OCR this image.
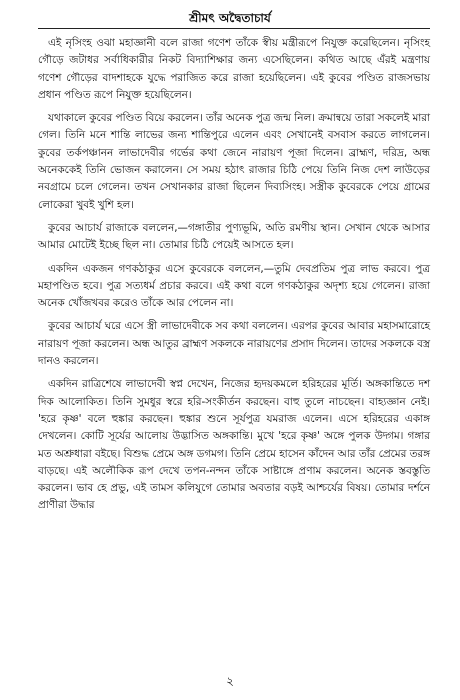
শ্রীমৎ অদ্বৈতাচার্য

এই নৃসিংহ ওঝা মহাজ্ঞানী বলে রাজা গণেশ তাঁকে স্বীয় মন্ত্রীরূপে নিযুক্ত করেছিলেন। নৃসিংহ গৌড়ে জটাধর সর্বাধিকারীর নিকট বিদ্যাশিক্ষার জন্য এসেছিলেন। কথিত আছে এঁরই মন্ত্রণায় গণেশ গৌড়ের বাদশাহকে যুদ্ধে পরাজিত করে রাজা হয়েছিলেন। এই কুবের পণ্ডিত রাজসভায় প্রধান পণ্ডিত রূপে নিযুক্ত হয়েছিলেন।

যথাকালে কুবের পণ্ডিত বিয়ে করলেন। তাঁর অনেক পুত্র জন্ম নিল। ক্রমান্বয়ে তারা সকলেই মারা গেল। তিনি মনে শান্তি লাভের জন্য শান্তিপুরে এলেন এবং সেখানেই বসবাস করতে লাগলেন। কুবের তর্কপঞ্চানন লাভাদেবীর গর্ভের কথা জেনে নারায়ণ পূজা দিলেন। ব্রাহ্মণ, দরিদ্র, অন্ধ অনেককেই তিনি ভোজন করালেন। সে সময় হঠাৎ রাজার চিঠি পেয়ে তিনি নিজ দেশ লাউড়ের নবগ্রামে চলে গেলেন। তখন সেখানকার রাজা ছিলেন দিব্যসিংহ। সস্ত্রীক কুবেরকে পেয়ে গ্রামের লোকেরা খুবই খুশি হল।

কুবের আচার্য রাজাকে বললেন,—গঙ্গাতীর পুণ্যভূমি, অতি রমণীয় স্থান। সেখান থেকে আসার আমার মোটেই ইচ্ছে ছিল না। তোমার চিঠি পেয়েই আসতে হল।

একদিন একজন গণকঠাকুর এসে কুবেরকে বললেন,—তুমি দেবপ্রতিম পুত্র লাভ করবে। পুত্র মহাপণ্ডিত হবে। পুত্র সত্যধর্ম প্রচার করবে। এই কথা বলে গণকঠাকুর অদৃশ্য হয়ে গেলেন। রাজা অনেক খোঁজখবর করেও তাঁকে আর পেলেন না।

কুবের আচার্য ঘরে এসে স্ত্রী লাভাদেবীকে সব কথা বললেন। এরপর কুবের আবার মহাসমারোহে নারায়ণ পূজা করলেন। অন্ধ আতুর ব্রাহ্মণ সকলকে নারায়ণের প্রসাদ দিলেন। তাদের সকলকে বস্ত্র দানও করলেন।

একদিন রাত্রিশেষে লাভাদেবী স্বপ্ন দেখেন, নিজের হৃদয়কমলে হরিহরের মূর্তি। অঙ্গকান্তিতে দশ দিক আলোকিত। তিনি সুমধুর স্বরে হরি-সংকীর্তন করছেন। বাহু তুলে নাচছেন। বাহ্যজ্ঞান নেই। 'হরে কৃষ্ণ' বলে হুঙ্কার করছেন। হুঙ্কার শুনে সূর্যপুত্র যমরাজ এলেন। এসে হরিহরের একাঙ্গ দেখলেন। কোটি সূর্যের আলোয় উদ্ভাসিত অঙ্গকান্তি। মুখে 'হরে কৃষ্ণ' অঙ্গে পুলক উদ্গম। গঙ্গার মত অশ্রুধারা বইছে। বিশুদ্ধ প্রেমে অঙ্গ ডগমগ। তিনি প্রেমে হাসেন কাঁদেন আর তাঁর প্রেমের তরঙ্গ বাড়ছে। এই অলৌকিক রূপ দেখে তপন-নন্দন তাঁকে সাষ্টাঙ্গে প্রণাম করলেন। অনেক স্তবস্তুতি করলেন। ভাব হে প্রভু, এই তামস কলিযুগে তোমার অবতার বড়ই আশ্চর্যের বিষয়। তোমার দর্শনে প্রাণীরা উদ্ধার

২
